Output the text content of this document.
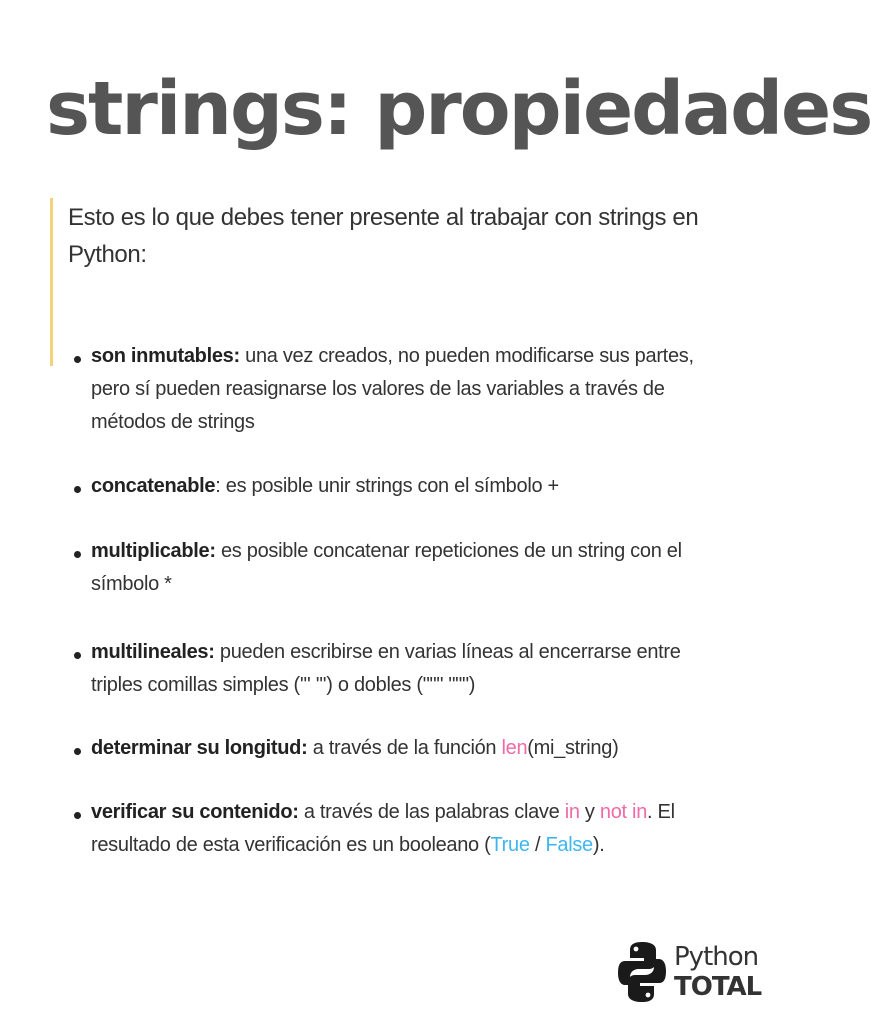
strings: propiedades
Esto es lo que debes tener presente al trabajar con strings en Python:
son inmutables: una vez creados, no pueden modificarse sus partes, pero sí pueden reasignarse los valores de las variables a través de métodos de strings
concatenable: es posible unir strings con el símbolo +
multiplicable: es posible concatenar repeticiones de un string con el símbolo *
multilineales: pueden escribirse en varias líneas al encerrarse entre triples comillas simples (''' ''') o dobles (""" """)
determinar su longitud: a través de la función len(mi_string)
verificar su contenido: a través de las palabras clave in y not in. El resultado de esta verificación es un booleano (True / False).
Python
TOTAL
